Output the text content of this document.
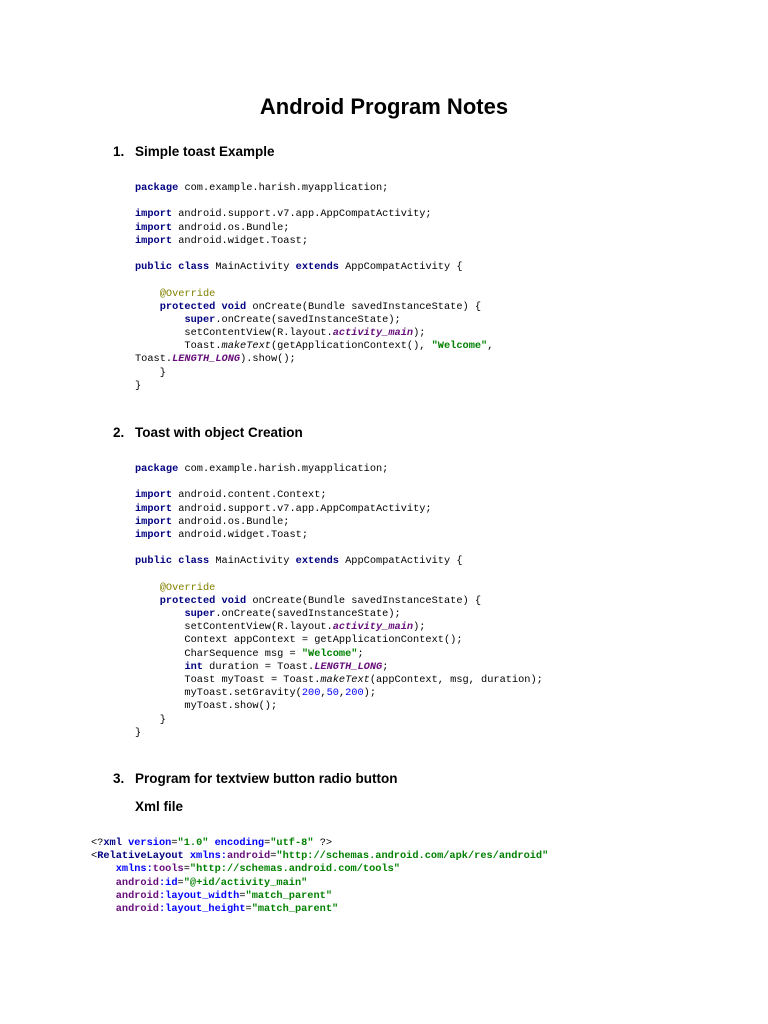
Android Program Notes
1. Simple toast Example
package com.example.harish.myapplication;
import android.support.v7.app.AppCompatActivity;
import android.os.Bundle;
import android.widget.Toast;
public class MainActivity extends AppCompatActivity {
@Override
protected void onCreate(Bundle savedInstanceState) {
super.onCreate(savedInstanceState);
setContentView(R.layout.activity_main);
Toast.makeText(getApplicationContext(), "Welcome",
Toast.LENGTH_LONG).show();
}
}
2. Toast with object Creation
package com.example.harish.myapplication;
import android.content.Context;
import android.support.v7.app.AppCompatActivity;
import android.os.Bundle;
import android.widget.Toast;
public class MainActivity extends AppCompatActivity {
@Override
protected void onCreate(Bundle savedInstanceState) {
super.onCreate(savedInstanceState);
setContentView(R.layout.activity_main);
Context appContext = getApplicationContext();
CharSequence msg = "Welcome";
int duration = Toast.LENGTH_LONG;
Toast myToast = Toast.makeText(appContext, msg, duration);
myToast.setGravity(200,50,200);
myToast.show();
}
}
3. Program for textview button radio button
Xml file
<?xml version="1.0" encoding="utf-8" ?>
<RelativeLayout xmlns:android="http://schemas.android.com/apk/res/android"
xmlns:tools="http://schemas.android.com/tools"
android:id="@+id/activity_main"
android:layout_width="match_parent"
android:layout_height="match_parent"
